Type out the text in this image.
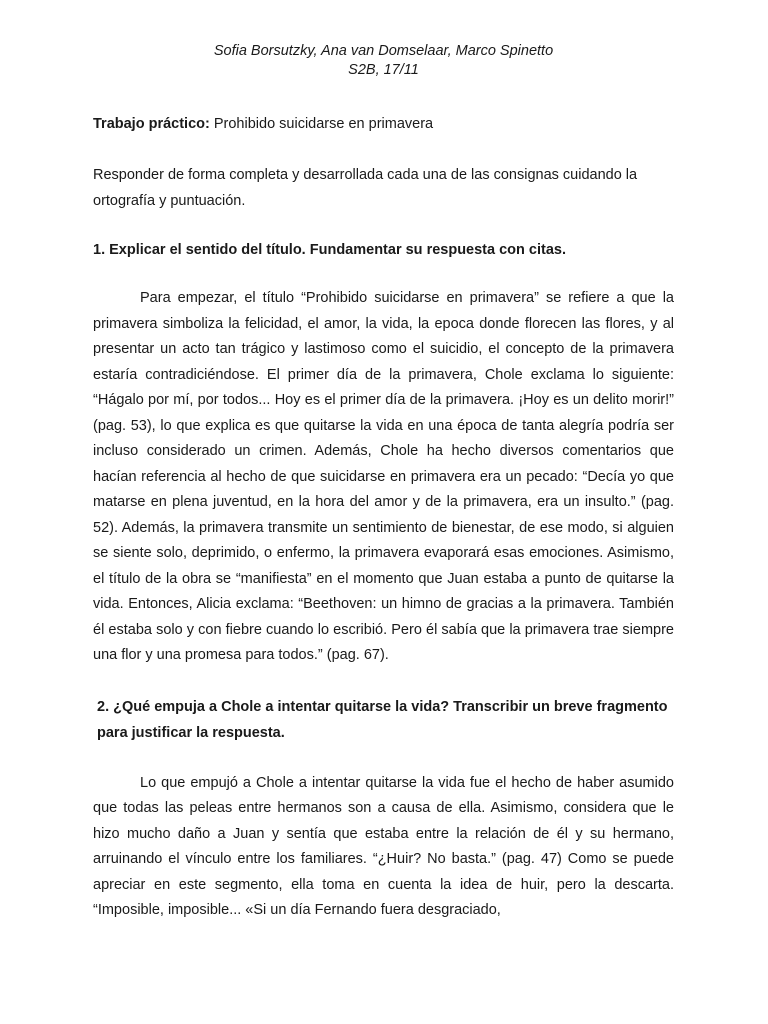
Sofia Borsutzky, Ana van Domselaar, Marco Spinetto

S2B, 17/11

Trabajo práctico: Prohibido suicidarse en primavera

Responder de forma completa y desarrollada cada una de las consignas cuidando la ortografía y puntuación.

1. Explicar el sentido del título. Fundamentar su respuesta con citas.

Para empezar, el título “Prohibido suicidarse en primavera” se refiere a que la primavera simboliza la felicidad, el amor, la vida, la epoca donde florecen las flores, y al presentar un acto tan trágico y lastimoso como el suicidio, el concepto de la primavera estaría contradiciéndose. El primer día de la primavera, Chole exclama lo siguiente: “Hágalo por mí, por todos... Hoy es el primer día de la primavera. ¡Hoy es un delito morir!” (pag. 53), lo que explica es que quitarse la vida en una época de tanta alegría podría ser incluso considerado un crimen. Además, Chole ha hecho diversos comentarios que hacían referencia al hecho de que suicidarse en primavera era un pecado: “Decía yo que matarse en plena juventud, en la hora del amor y de la primavera, era un insulto.” (pag. 52). Además, la primavera transmite un sentimiento de bienestar, de ese modo, si alguien se siente solo, deprimido, o enfermo, la primavera evaporará esas emociones. Asimismo, el título de la obra se “manifiesta” en el momento que Juan estaba a punto de quitarse la vida. Entonces, Alicia exclama: “Beethoven: un himno de gracias a la primavera. También él estaba solo y con fiebre cuando lo escribió. Pero él sabía que la primavera trae siempre una flor y una promesa para todos.” (pag. 67).

2. ¿Qué empuja a Chole a intentar quitarse la vida? Transcribir un breve fragmento para justificar la respuesta.

Lo que empujó a Chole a intentar quitarse la vida fue el hecho de haber asumido que todas las peleas entre hermanos son a causa de ella. Asimismo, considera que le hizo mucho daño a Juan y sentía que estaba entre la relación de él y su hermano, arruinando el vínculo entre los familiares. “¿Huir? No basta.” (pag. 47) Como se puede apreciar en este segmento, ella toma en cuenta la idea de huir, pero la descarta. “Imposible, imposible... «Si un día Fernando fuera desgraciado,
